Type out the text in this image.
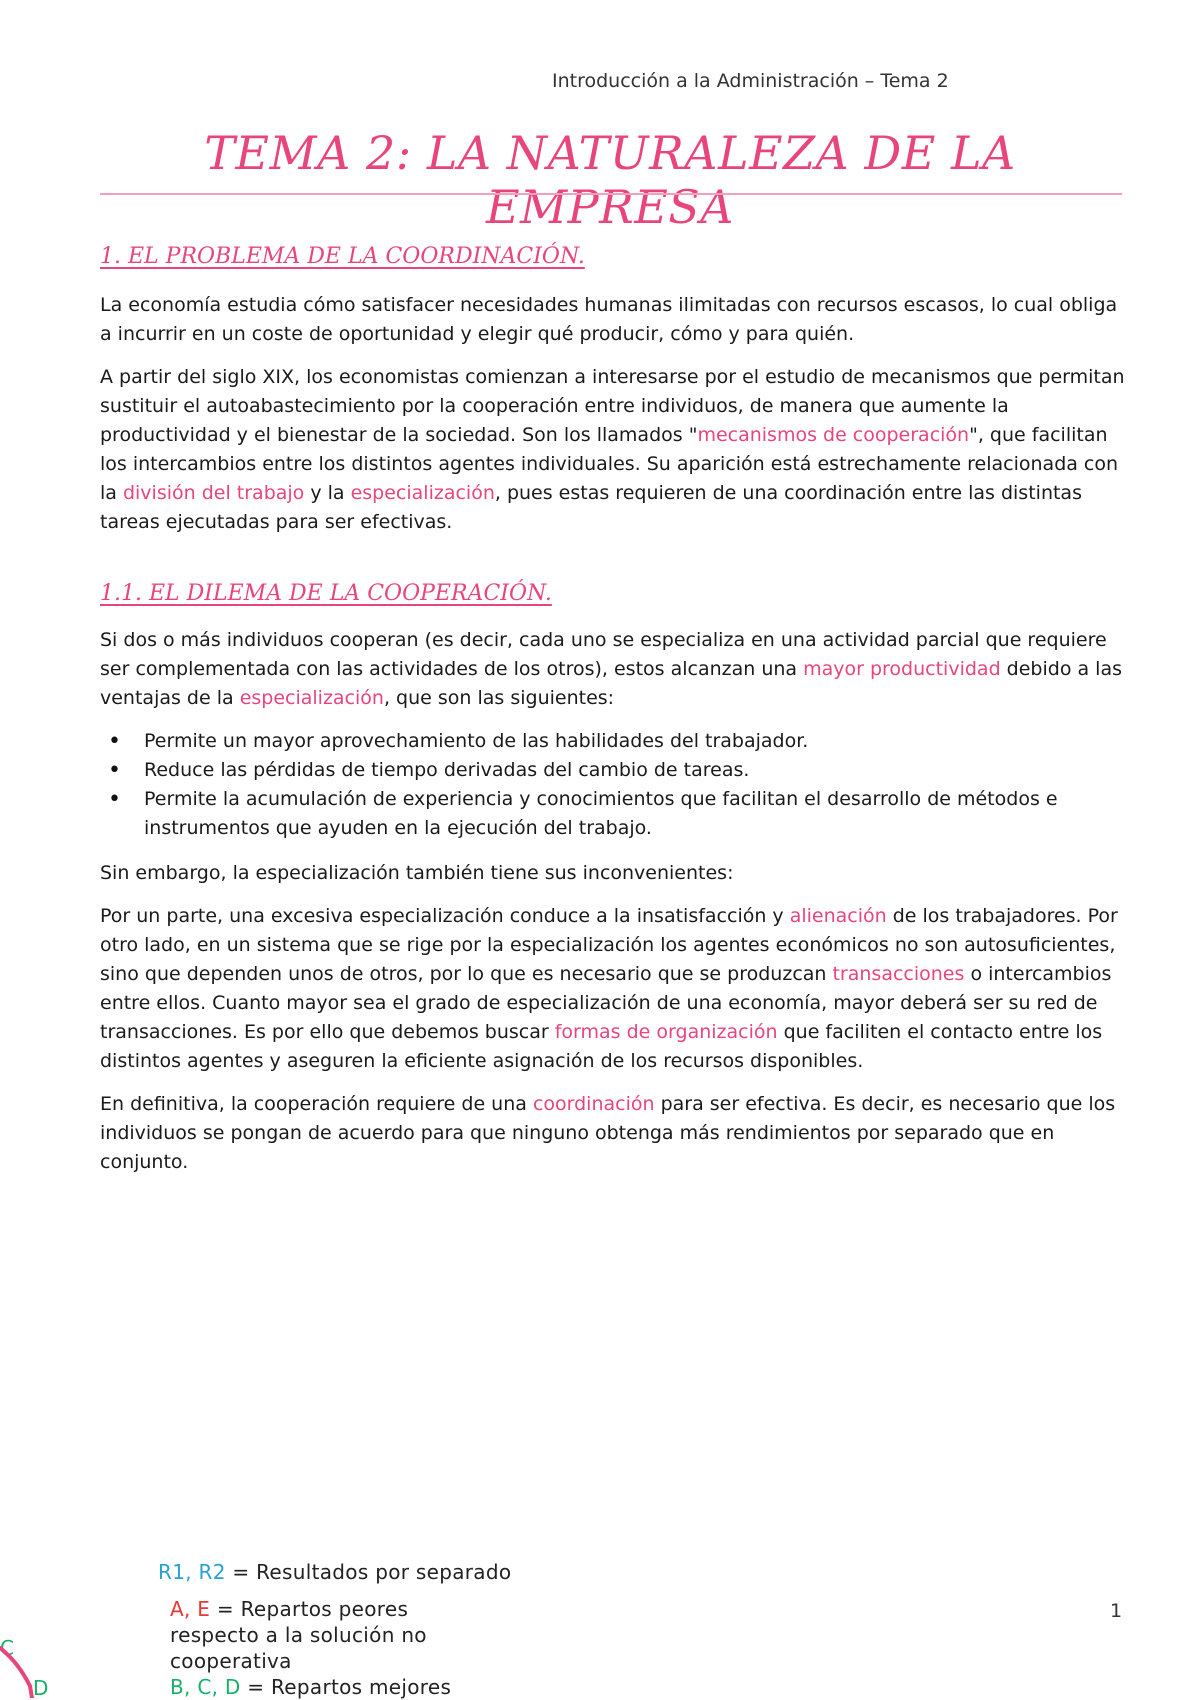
Introducción a la Administración – Tema 2
TEMA 2: LA NATURALEZA DE LA EMPRESA
1. EL PROBLEMA DE LA COORDINACIÓN.

La economía estudia cómo satisfacer necesidades humanas ilimitadas con recursos escasos, lo cual obliga a incurrir en un coste de oportunidad y elegir qué producir, cómo y para quién.

A partir del siglo XIX, los economistas comienzan a interesarse por el estudio de mecanismos que permitan sustituir el autoabastecimiento por la cooperación entre individuos, de manera que aumente la productividad y el bienestar de la sociedad. Son los llamados "mecanismos de cooperación", que facilitan los intercambios entre los distintos agentes individuales. Su aparición está estrechamente relacionada con la división del trabajo y la especialización, pues estas requieren de una coordinación entre las distintas tareas ejecutadas para ser efectivas.

1.1. EL DILEMA DE LA COOPERACIÓN.

Si dos o más individuos cooperan (es decir, cada uno se especializa en una actividad parcial que requiere ser complementada con las actividades de los otros), estos alcanzan una mayor productividad debido a las ventajas de la especialización, que son las siguientes:

• Permite un mayor aprovechamiento de las habilidades del trabajador.
• Reduce las pérdidas de tiempo derivadas del cambio de tareas.
• Permite la acumulación de experiencia y conocimientos que facilitan el desarrollo de métodos e instrumentos que ayuden en la ejecución del trabajo.

Sin embargo, la especialización también tiene sus inconvenientes:

Por un parte, una excesiva especialización conduce a la insatisfacción y alienación de los trabajadores. Por otro lado, en un sistema que se rige por la especialización los agentes económicos no son autosuficientes, sino que dependen unos de otros, por lo que es necesario que se produzcan transacciones o intercambios entre ellos. Cuanto mayor sea el grado de especialización de una economía, mayor deberá ser su red de transacciones. Es por ello que debemos buscar formas de organización que faciliten el contacto entre los distintos agentes y aseguren la eficiente asignación de los recursos disponibles.

En definitiva, la cooperación requiere de una coordinación para ser efectiva. Es decir, es necesario que los individuos se pongan de acuerdo para que ninguno obtenga más rendimientos por separado que en conjunto.

R1, R2 = Resultados por separado
A, E = Repartos peores respecto a la solución no cooperativa
B, C, D = Repartos mejores
C
D
1
